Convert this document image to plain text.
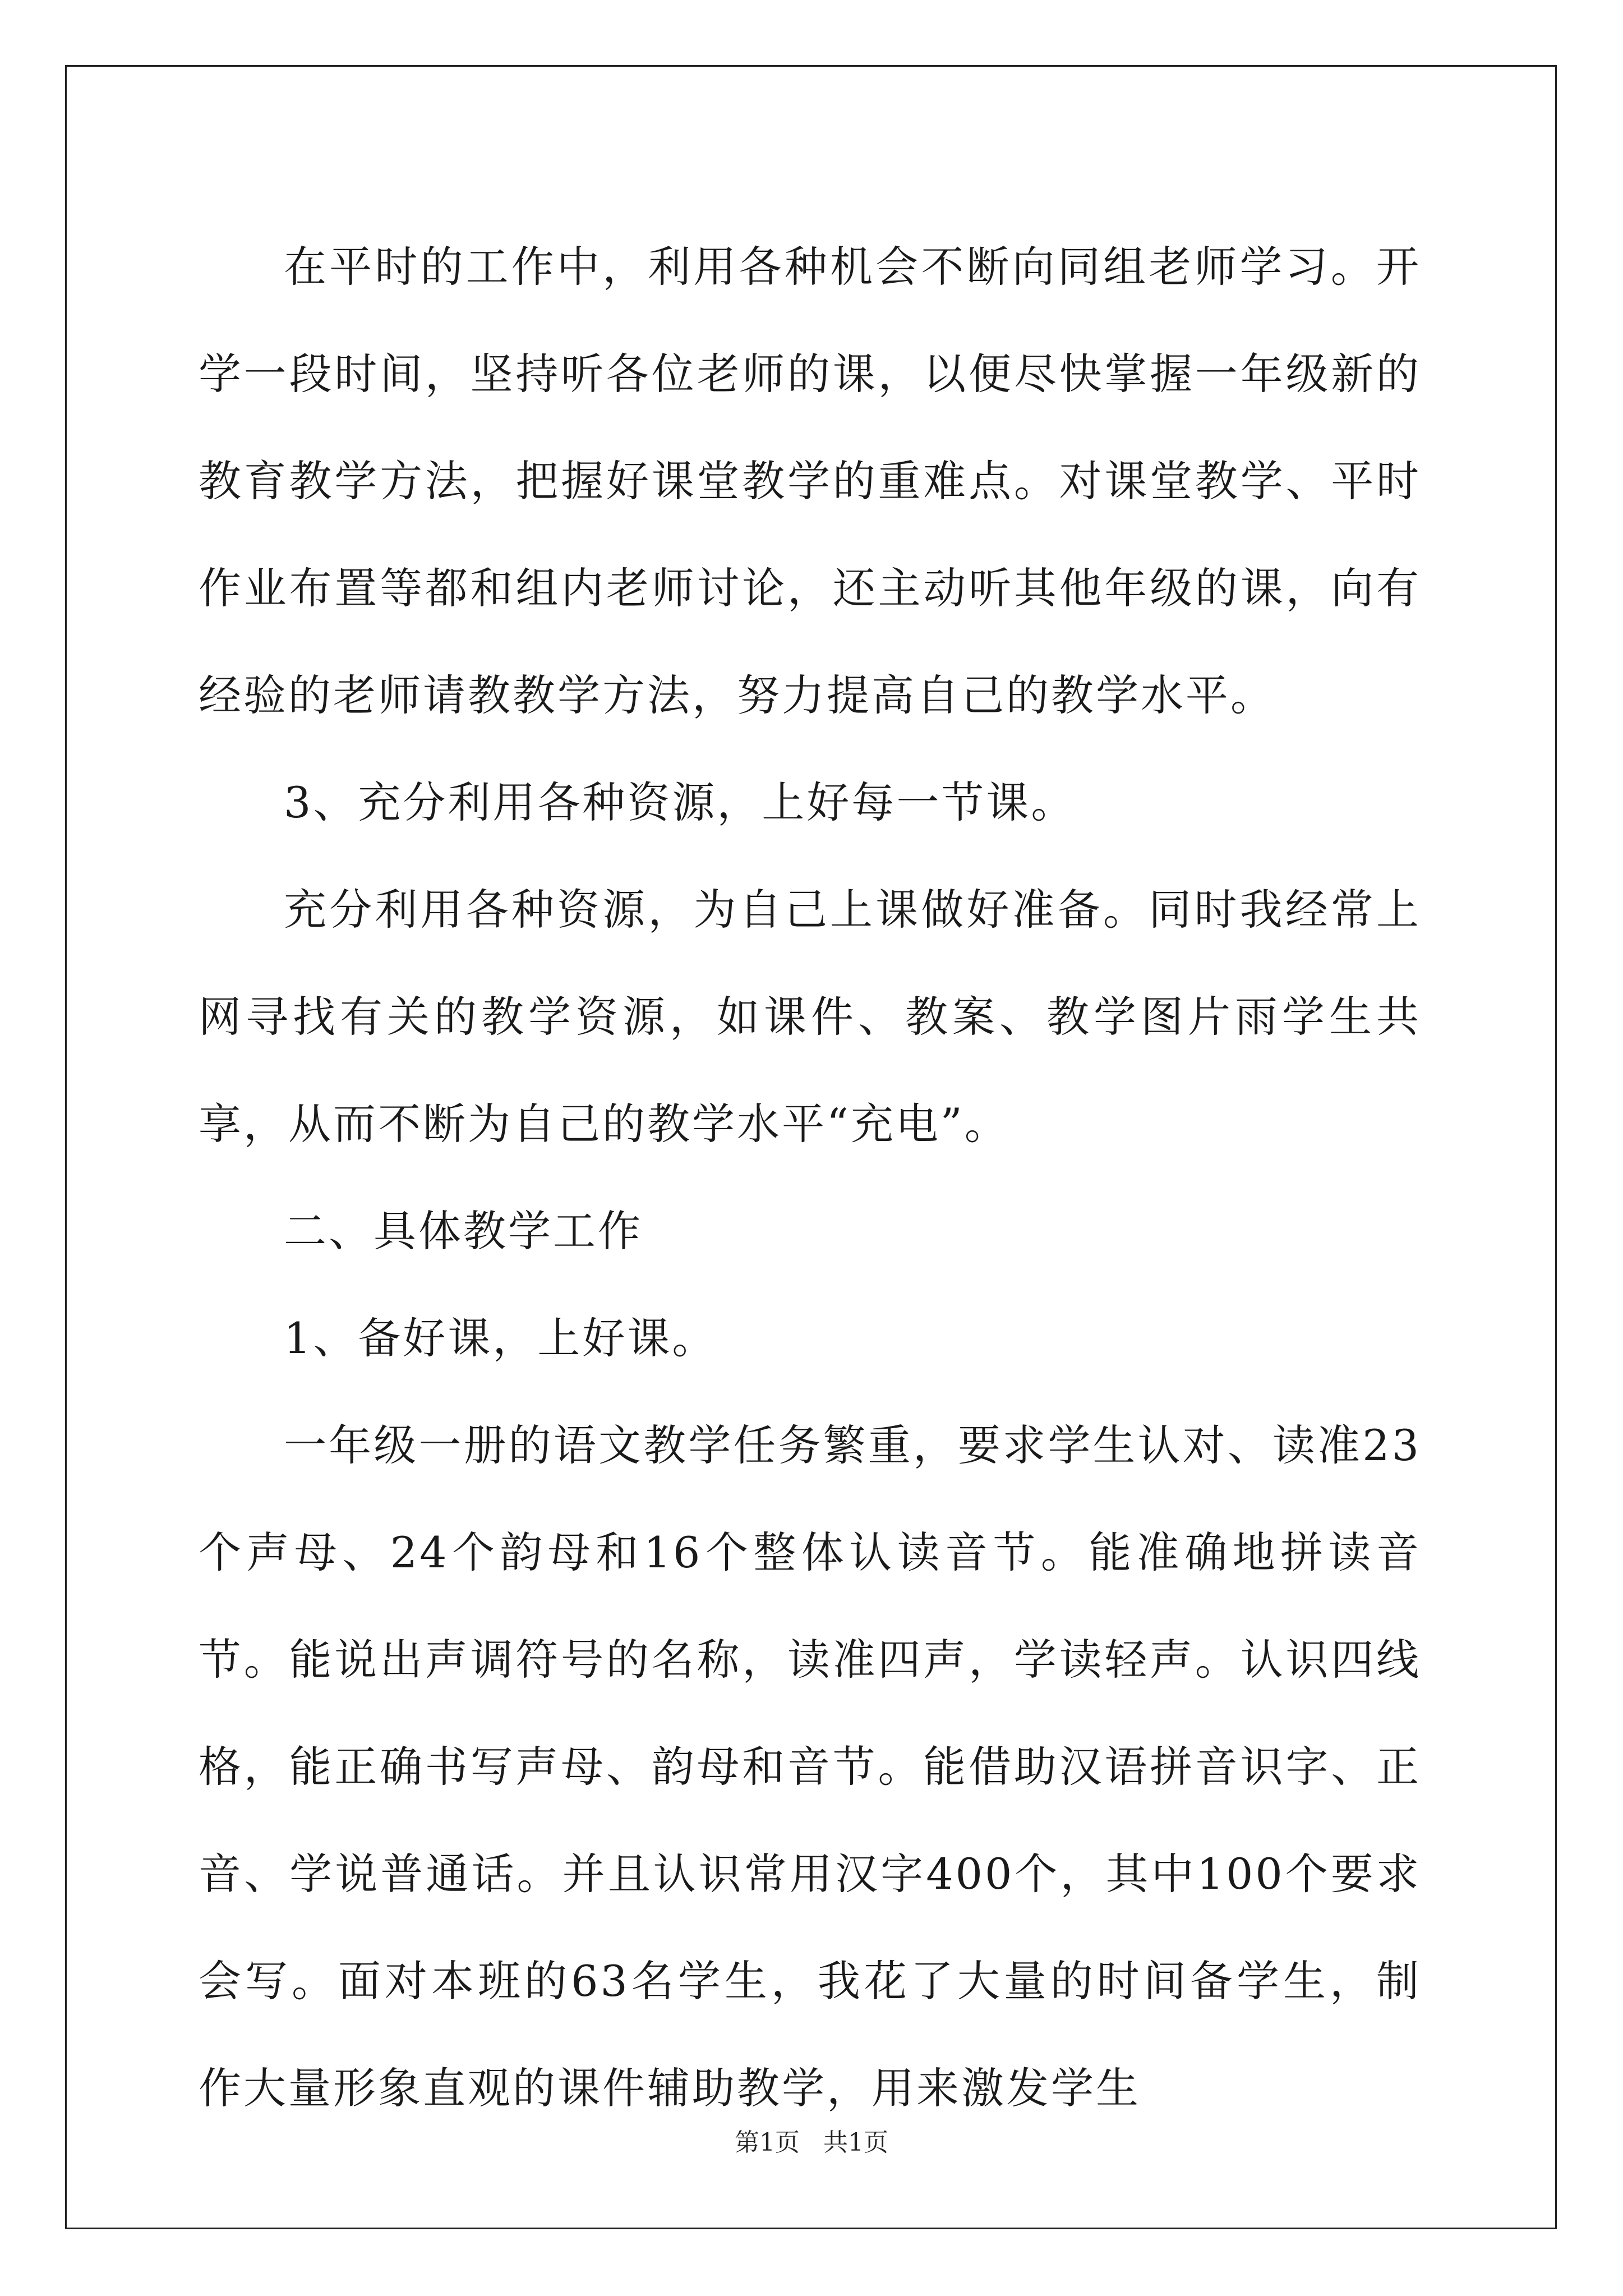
在平时的工作中，利用各种机会不断向同组老师学习。开学一段时间，坚持听各位老师的课，以便尽快掌握一年级新的教育教学方法，把握好课堂教学的重难点。对课堂教学、平时作业布置等都和组内老师讨论，还主动听其他年级的课，向有经验的老师请教教学方法，努力提高自己的教学水平。

3、充分利用各种资源，上好每一节课。

充分利用各种资源，为自己上课做好准备。同时我经常上网寻找有关的教学资源，如课件、教案、教学图片雨学生共享，从而不断为自己的教学水平“充电”。

二、具体教学工作

1、备好课，上好课。

一年级一册的语文教学任务繁重，要求学生认对、读准23个声母、24个韵母和16个整体认读音节。能准确地拼读音节。能说出声调符号的名称，读准四声，学读轻声。认识四线格，能正确书写声母、韵母和音节。能借助汉语拼音识字、正音、学说普通话。并且认识常用汉字400个，其中100个要求会写。面对本班的63名学生，我花了大量的时间备学生，制作大量形象直观的课件辅助教学，用来激发学生

第1页 共1页
